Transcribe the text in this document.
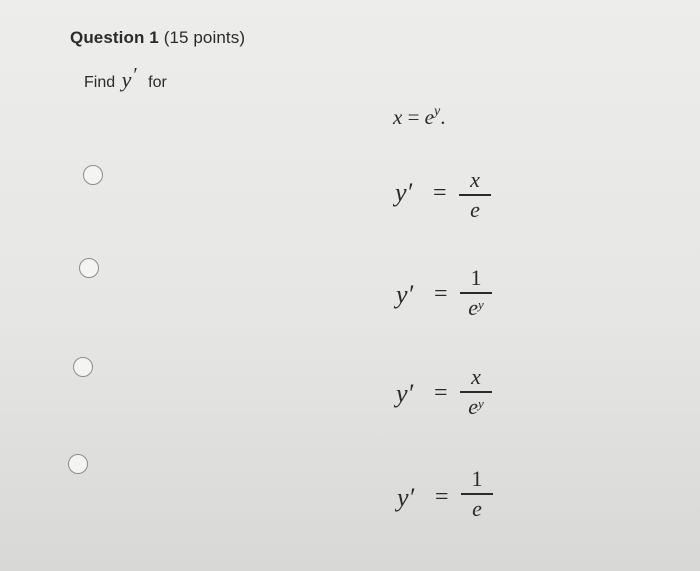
Question 1 (15 points)
Find y ′ for
$x = e^y$.
y′ =
x
e
y′ =
1
$e^y$
y′ =
x
$e^y$
y′ =
1
e
